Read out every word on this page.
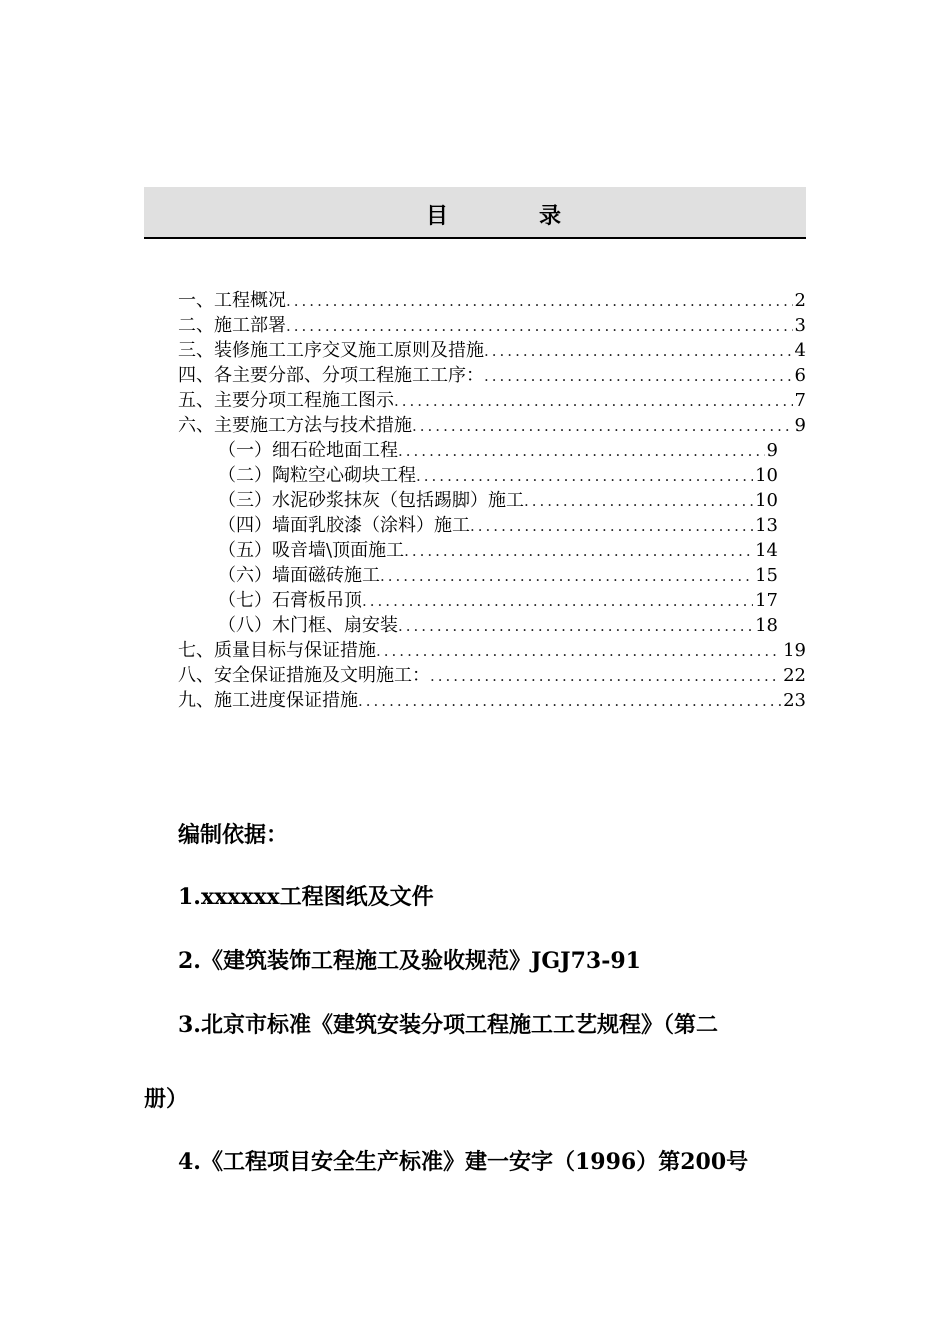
目	录
一、工程概况 .....	2
二、施工部署 .....	3
三、装修施工工序交叉施工原则及措施 .....	4
四、各主要分部、分项工程施工工序： .....	6
五、主要分项工程施工图示 .....	7
六、主要施工方法与技术措施 .....	9
（一）细石砼地面工程 .....	9
（二）陶粒空心砌块工程 .....	10
（三）水泥砂浆抹灰（包括踢脚）施工 .....	10
（四）墙面乳胶漆（涂料）施工 .....	13
（五）吸音墙\顶面施工 .....	14
（六）墙面磁砖施工 .....	15
（七）石膏板吊顶 .....	17
（八）木门框、扇安装 .....	18
七、质量目标与保证措施 .....	19
八、安全保证措施及文明施工： .....	22
九、施工进度保证措施 .....	23
编制依据：
1.xxxxxx工程图纸及文件
2.《建筑装饰工程施工及验收规范》JGJ73-91
3.北京市标准《建筑安装分项工程施工工艺规程》（第二
册）
4.《工程项目安全生产标准》建一安字（1996）第200号
